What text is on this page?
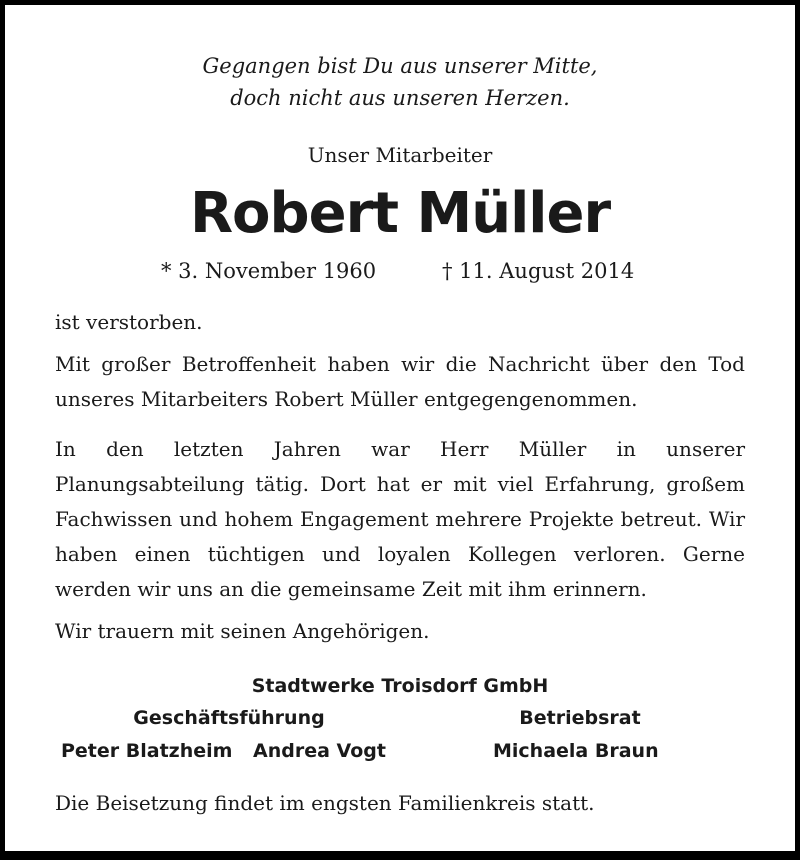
Gegangen bist Du aus unserer Mitte,
doch nicht aus unseren Herzen.
Unser Mitarbeiter
Robert Müller
* 3. November 1960	† 11. August 2014
ist verstorben.
Mit großer Betroffenheit haben wir die Nachricht über den Tod unseres Mitarbeiters Robert Müller entgegengenommen.
In den letzten Jahren war Herr Müller in unserer Planungsabteilung tätig. Dort hat er mit viel Erfahrung, großem Fachwissen und hohem Engagement mehrere Projekte betreut. Wir haben einen tüchtigen und loyalen Kollegen verloren. Gerne werden wir uns an die gemeinsame Zeit mit ihm erinnern.
Wir trauern mit seinen Angehörigen.
Stadtwerke Troisdorf GmbH
Geschäftsführung	Betriebsrat
Peter Blatzheim Andrea Vogt	Michaela Braun
Die Beisetzung findet im engsten Familienkreis statt.
